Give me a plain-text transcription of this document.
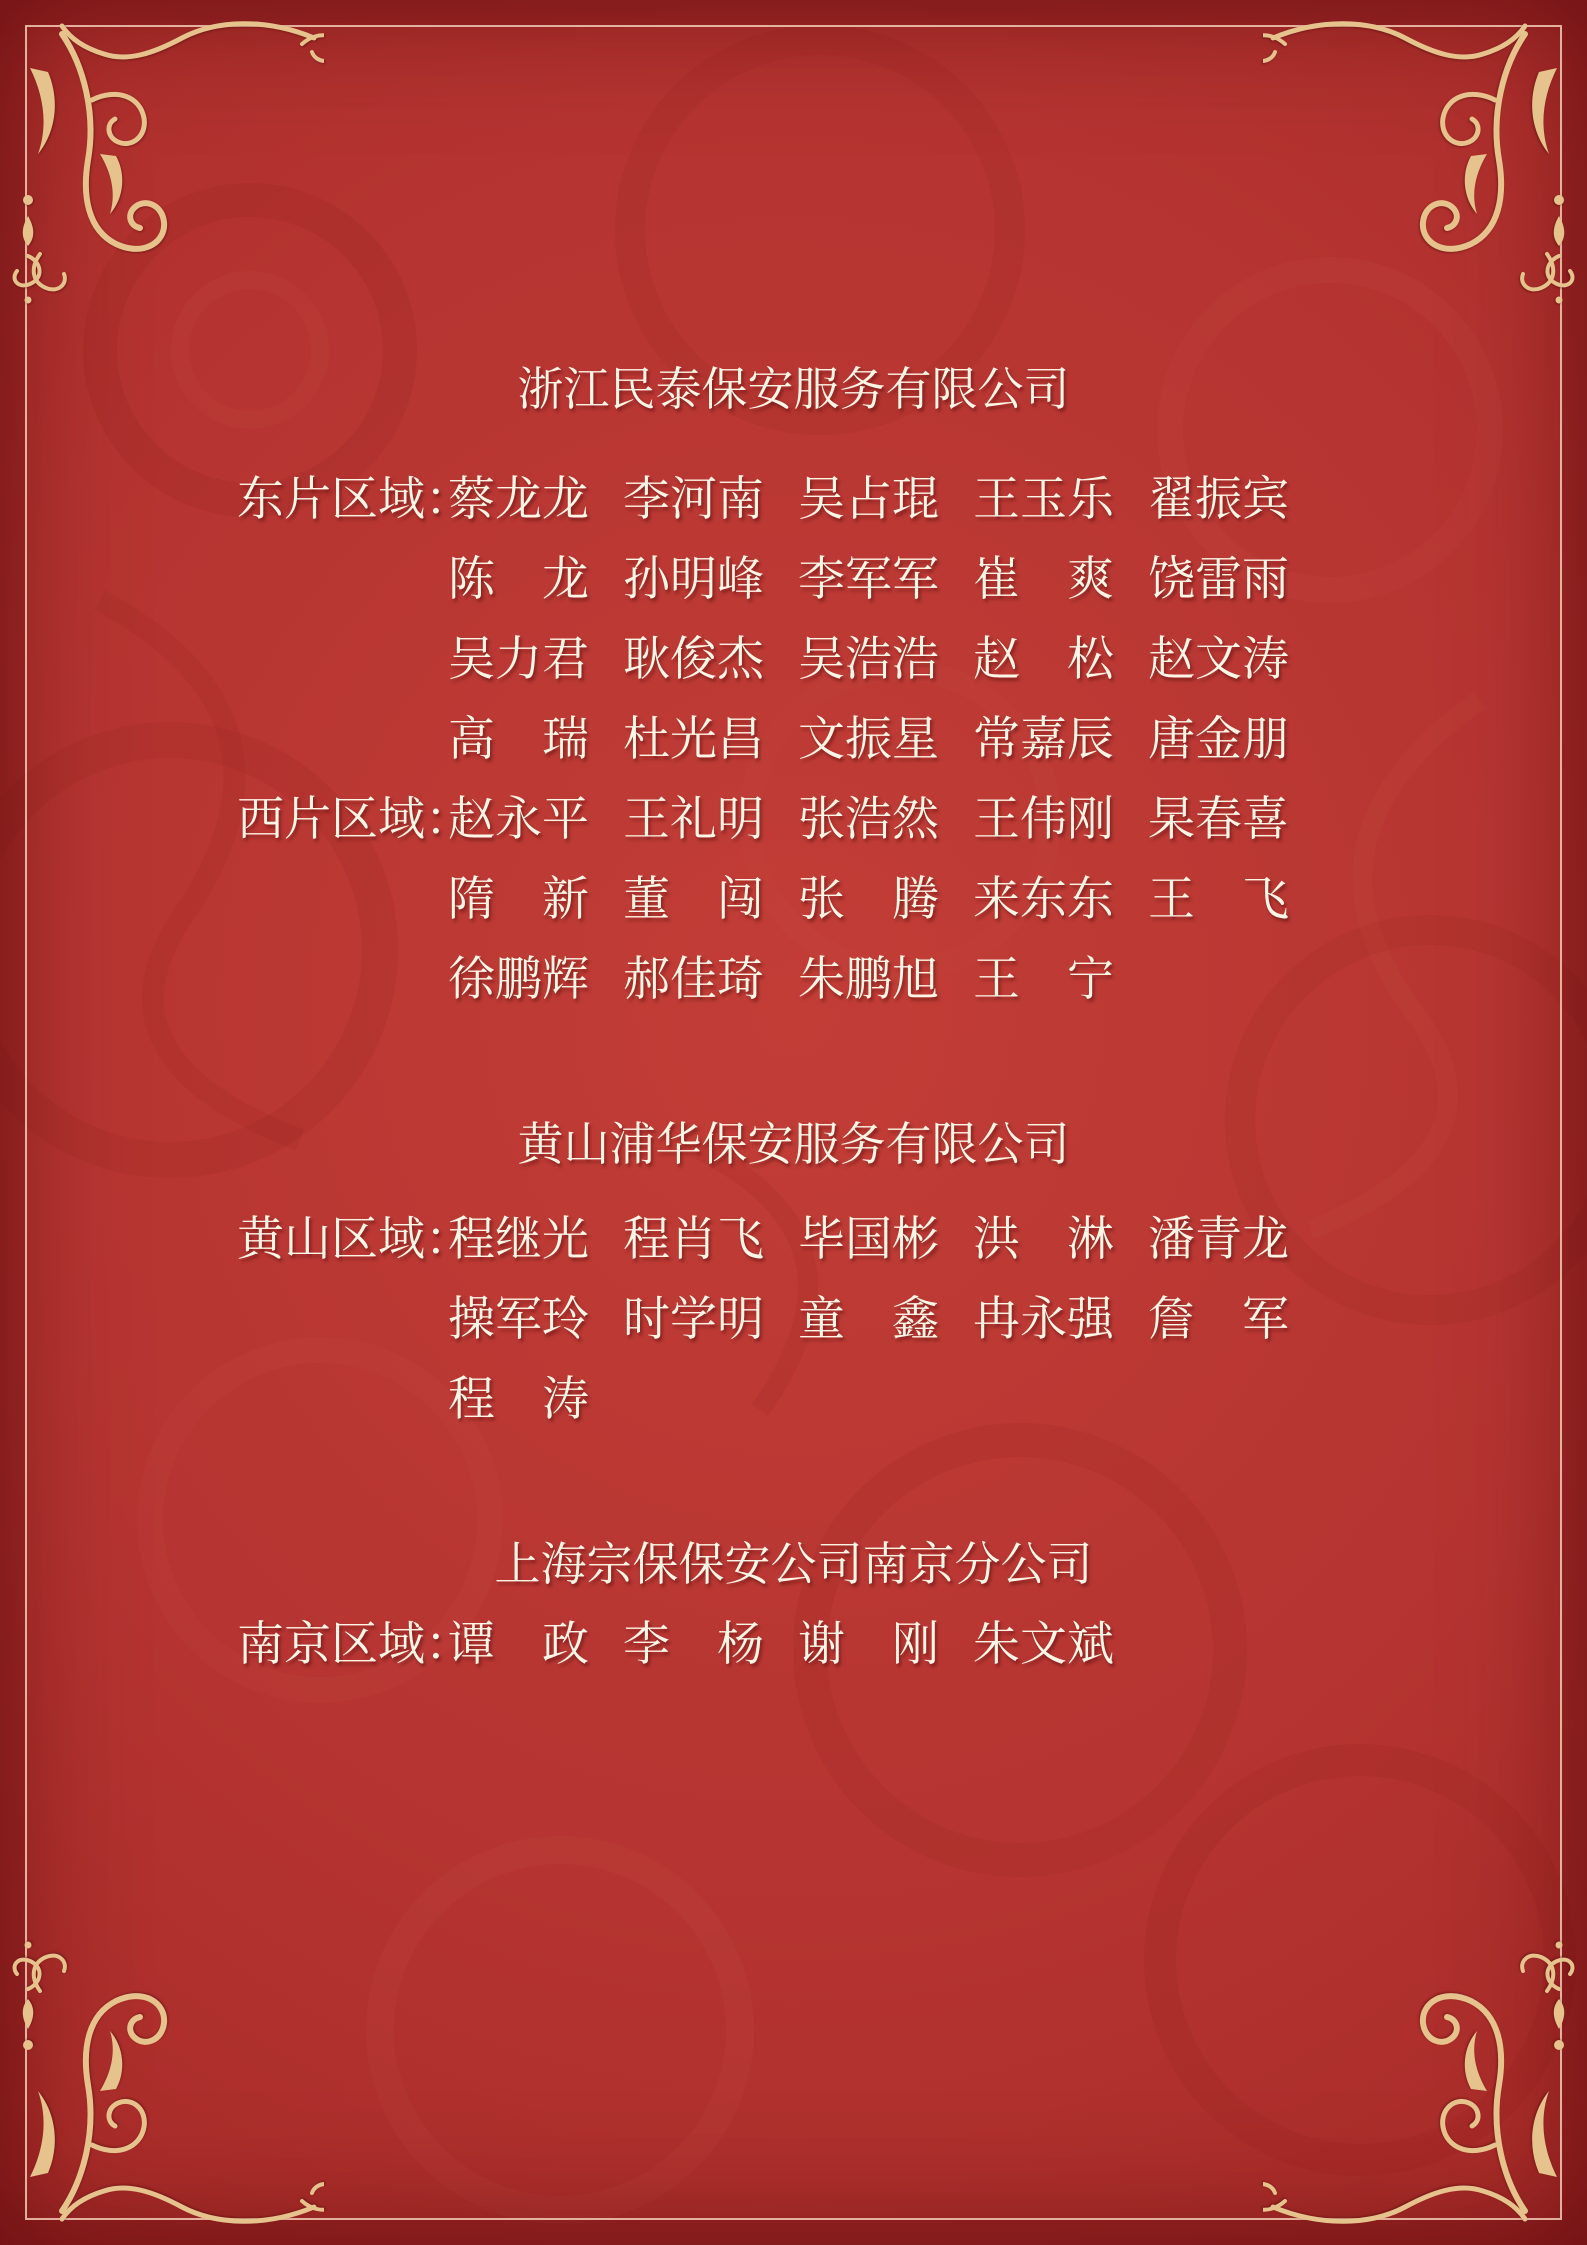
浙江民泰保安服务有限公司
东片区域：
蔡龙龙 李河南 吴占琨 王玉乐 翟振宾
陈　龙 孙明峰 李军军 崔　爽 饶雷雨
吴力君 耿俊杰 吴浩浩 赵　松 赵文涛
高　瑞 杜光昌 文振星 常嘉辰 唐金朋
西片区域：
赵永平 王礼明 张浩然 王伟刚 杲春喜
隋　新 董　闯 张　腾 来东东 王　飞
徐鹏辉 郝佳琦 朱鹏旭 王　宁
黄山浦华保安服务有限公司
黄山区域：
程继光 程肖飞 毕国彬 洪　淋 潘青龙
操军玲 时学明 童　鑫 冉永强 詹　军
程　涛
上海宗保保安公司南京分公司
南京区域：
谭　政 李　杨 谢　刚 朱文斌
